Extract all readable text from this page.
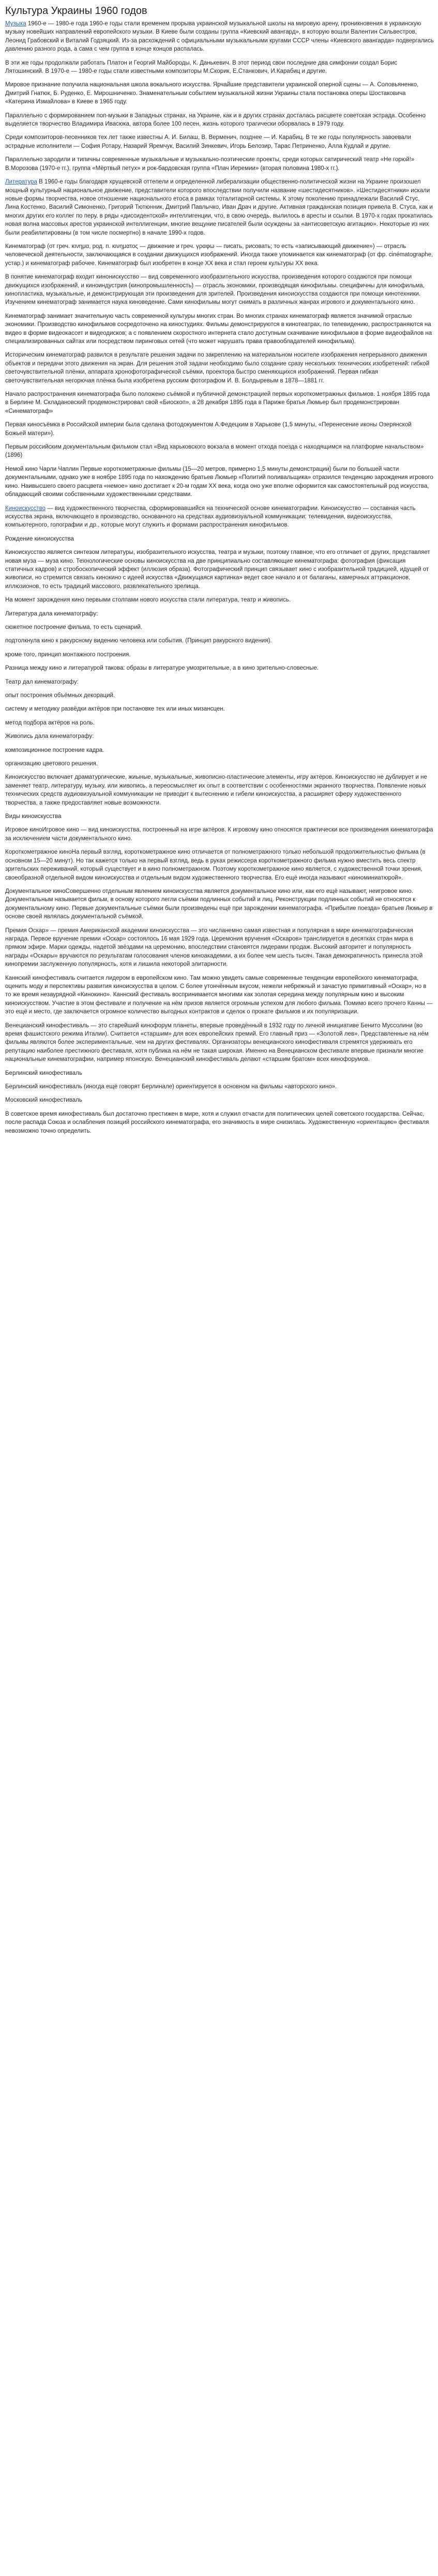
Культура Украины 1960 годов

Музыка 1960-е — 1980-е года 1960-е годы стали временем прорыва украинской музыкальной школы на мировую арену, проникновения в украинскую музыку новейших направлений европейского музыки. В Киеве были созданы группа «Киевский авангард», в которую вошли Валентин Сильвестров, Леонид Грабовский и Виталий Годзяцкий. Из-за расхождений с официальными музыкальными кругами СССР члены «Киевского авангарда» подвергались давлению разного рода, а сама с чем группа в конце концов распалась.

В эти же годы продолжали работать Платон и Георгий Майбороды, К. Данькевич. В этот период свои последние два симфонии создал Борис Лятошинский. В 1970-е — 1980-е годы стали известными композиторы М.Скорик, Е.Станкович, И.Карабиц и другие.

Мировое признание получила национальная школа вокального искусства. Ярчайшие представители украинской оперной сцены — А. Соловьяненко, Дмитрий Гнатюк, Б. Руденко, Е. Мирошниченко. Знаменательным событием музыкальной жизни Украины стала постановка оперы Шостаковича «Катерина Измайлова» в Киеве в 1965 году.

Параллельно с формированием поп-музыки в Западных странах, на Украине, как и в других странах досталась расцвете советская эстрада. Особенно выделяется творчество Владимира Ивасюка, автора более 100 песен, жизнь которого трагически оборвалась в 1979 году.

Среди композиторов-песенников тех лет также известны А. И. Билаш, В. Верменич, позднее — И. Карабиц. В те же годы популярность завоевали эстрадные исполнители — София Ротару, Назарий Яремчук, Василий Зинкевич, Игорь Белозир, Тарас Петриненко, Алла Кудлай и другие.

Параллельно зародили и типичны современные музыкальные и музыкально-поэтические проекты, среди которых сатирический театр «Не горюй!» В.Морозова (1970-е гг.), группа «Мёртвый петух» и рок-бардовская группа «Плач Иеремии» (вторая половина 1980-х гг.).

Литература В 1960-е годы благодаря хрущевской оттепели и определенной либерализации общественно-политической жизни на Украине произошел мощный культурный национальное движение, представители которого впоследствии получили название «шестидесятников». «Шестидесятники» искали новые формы творчества, новое отношение национального етоса в рамках тоталитарной системы. К этому поколению принадлежали Василий Стус, Лина Костенко, Василий Симоненко, Григорий Тютюнник, Дмитрий Павлычко, Иван Драч и другие. Активная гражданская позиция привела В. Стуса, как и многих других его коллег по перу, в ряды «диссидентской» интеллигенции, что, в свою очередь, вылилось в аресты и ссылки. В 1970-х годах прокатилась новая волна массовых арестов украинской интеллигенции, многие вещуние писателей были осуждены за «антисоветскую агитацию». Некоторые из них были реабилитированы (в том числе посмертно) в начале 1990-х годов.

Кинематограф (от греч. κινημα, род. п. κινηματος — движение и греч. γραφω — писать, рисовать; то есть «записывающий движение») — отрасль человеческой деятельности, заключающаяся в создании движущихся изображений. Иногда также упоминается как кинематограф (от фр. cinématographe, устар.) и кинематограф рабочее. Кинематограф был изобретен в конце XX века и стал героем культуры XX века.

В понятие кинематограф входит кинонискусство — вид современного изобразительного искусства, произведения которого создаются при помощи движущихся изображений, и киноиндустрия (кинопромышленность) — отрасль экономики, производящая кинофильмы. специфичны для кинофильма, кинопластика, музыкальные, и демонстрирующая эти произведения для зрителей. Произведения киноискусства создаются при помощи кинотехники. Изучением кинематограф занимается наука киноведение. Сами кинофильмы могут снимать в различных жанрах игрового и документального кино.

Кинематограф занимает значительную часть современной культуры многих стран. Во многих странах кинематограф является значимой отраслью экономики. Производство кинофильмов сосредоточено на киностудиях. Фильмы демонстрируются в кинотеатрах, по телевидению, распространяются на видео в форме видеокассет и видеодисков; а с появлением скоростного интернета стало доступным скачивание кинофильмов в форме видеофайлов на специализированных сайтах или посредством пиринговых сетей (что может нарушать права правообладателей кинофильма).

Историческим кинематограф развился в результате решения задачи по закреплению на материальном носителе изображения непрерывного движения объектов и передачи этого движения на экран. Для решения этой задачи необходимо было создание сразу нескольких технических изобретений: гибкой светочувствительной плёнки, аппарата хронофотографической съёмки, проектора быстро сменяющихся изображений. Первая гибкая светочувствительная негорючая плёнка была изобретена русским фотографом И. В. Болдыревым в 1878—1881 гг.

Начало распространения кинематографа было положено съёмкой и публичной демонстрацией первых короткометражных фильмов. 1 ноября 1895 года в Берлине М. Складановский продемонстрировал свой «Биоскоп», а 28 декабря 1895 года в Париже братья Люмьер был продемонстрирован «Синематограф»

Первая киносъёмка в Российской империи была сделана фотодокументом А.Федецким в Харькове (1,5 минуты, «Перенесение иконы Озерянской Божьей матери»).

Первым российским документальным фильмом стал «Вид харьковского вокзала в момент отхода поезда с находящимся на платформе начальством» (1896)

Немой кино Чарли Чаплин Первые короткометражные фильмы (15—20 метров, примерно 1,5 минуты демонстрации) были по большей части документальными, однако уже в ноябре 1895 года по нахождению братьев Люмьер «Политий поливальщика» отразился тенденцию зарождения игрового кино. Наивысшего своего расцвета «немое» кино достигает к 20-м годам XX века, когда оно уже вполне оформится как самостоятельный род искусства, обладающий своими собственными художественными средствами.

Киноискусство — вид художественного творчества, сформировавшийся на технической основе кинематографии. Киноискусство — составная часть искусства экрана, включающего в производство, основанного на средствах аудиовизуальной коммуникации: телевидения, видеоискусства, компьютерного, голографии и др., которые могут служить и формами распространения кинофильмов.

Рождение киноискусства

Киноискусство является синтезом литературы, изобразительного искусства, театра и музыки, поэтому главное, что его отличает от других, представляет новая муза — муза кино. Технологические основы киноискусства на две принципиально составляющие кинематографа: фотография (фиксация статичных кадров) и стробоскопический эффект (иллюзия образа). Фотографический принцип связывает кино с изобразительной традицией, идущей от живописи, но стремится связать кинокино с идеей искусства «Движущаяся картинка» ведет свое начало и от балаганы, камерчных аттракционов, иллюзионов, то есть традиций массового, развлекательного зрелища.

На момент зарождения кино первыми столпами нового искусства стали литература, театр и живопись.

Литература дала кинематографу:

сюжетное построение фильма, то есть сценарий.

подтолкнула кино к ракурсному видению человека или события. (Принцип ракурсного видения).

кроме того, принцип монтажного построения.

Разница между кино и литературой такова: образы в литературе умозрительные, а в кино зрительно-словесные.

Театр дал кинематографу:

опыт построения объёмных декораций.

систему и методику развёдки актёров при постановке тех или иных мизансцен.

метод подбора актёров на роль.

Живопись дала кинематографу:

композиционное построение кадра.

организацию цветового решения.

Киноискусство включает драматургические, жиыные, музыкальные, живописно-пластические элементы, игру актёров. Киноискусство не дублирует и не заменяет театр, литературу, музыку, или живопись, а переосмысляет их опыт в соответствии с особенностями экранного творчества. Появление новых технических средств аудиовизуальной коммуникации не приводит к вытеснению и гибели киноискусства, а расширяет сферу художественного творчества, а также предоставляет новые возможности.

Виды киноискусства

Игровое киноИгровое кино — вид киноискусства, построенный на игре актёров. К игровому кино относятся практически все произведения кинематографа за исключением части документального кино.

Короткометражное киноНа первый взгляд, короткометражное кино отличается от полнометражного только небольшой продолжительностью фильма (в основном 15—20 минут). Но так кажется только на первый взгляд, ведь в руках режиссера короткометражного фильма нужно вместить весь спектр зрительских переживаний, который существует и в кино полнометражном. Поэтому короткометражное кино является, с художественной точки зрения, своеобразной отдельной видом киноискусства и отдельным видом художественного творчества. Его ещё иногда называют «киноминиатюрой».

Документальное киноСовершенно отдельным явлением киноискусства является документальное кино или, как его ещё называют, неигровое кино. Документальным называется фильм, в основу которого легли съёмки подлинных событий и лиц. Реконструкции подлинных событий не относятся к документальному кино. Первые документальные съёмки были произведены ещё при зарождении кинематографа. «Прибытие поезда» братьев Люмьер в основе своей являлась документальной съёмкой.

Премия Оскар» — премия Американской академии киноискусства — это числанемно самая известная и популярная в мире кинематографическая награда. Первое вручение премии «Оскар» состоялось 16 мая 1929 года. Церемония вручения «Оскаров» транслируется в десятках стран мира в прямом эфире. Марки одежды, надетой звёздами на церемонию, впоследствии становятся лидерами продаж. Высокий авторитет и популярность награды «Оскары» вручаются по результатам голосования членов киноакадемии, а их более чем шесть тысяч. Такая демократичность принесла этой кинопремии заслуженную популярность, хотя и лишила некоторой элитарности.

Каннский кинофестиваль считается лидером в европейском кино. Там можно увидеть самые современные тенденции европейского кинематографа, оценить моду и перспективы развития киноискусства в целом. С более утончённым вкусом, нежели небрежный и зачастую примитивный «Оскар», но в то же время незаурядной «Кинокино». Каннский фестиваль воспринимается многими как золотая середина между популярным кино и высоким киноискусством. Участие в этом фестивале и получение на нём призов является огромным успехом для любого фильма. Помимо всего прочего Канны — это ещё и место, где заключается огромное количество выгодных контрактов и сделок о прокате фильмов и их популяризации.

Венецианский кинофестиваль — это старейший кинофорум планеты, впервые проведённый в 1932 году по личной инициативе Бенито Муссолини (во время фашистского режима Италии). Считается «старшим» для всех европейских премий. Его главный приз — «Золотой лев». Представленные на нём фильмы являются более экспериментальные, чем на других фестивалях. Организаторы венецианского кинофестиваля стремятся удерживать его репутацию наиболее престижного фестиваля, хотя публика на нём не такая широкая. Именно на Венецианском фестивале впервые признали многие национальные кинематографии, например японскую. Венецианский кинофестиваль делают «старшим братом» всех кинофорумов.

Берлинский кинофестиваль

Берлинский кинофестиваль (иногда ещё говорят Берлинале) ориентируется в основном на фильмы «авторского кино».

Московский кинофестиваль

В советское время кинофестиваль был достаточно престижен в мире, хотя и служил отчасти для политических целей советского государства. Сейчас, после распада Союза и ослабления позиций российского кинематографа, его значимость в мире снизилась. Художественную «ориентацию» фестиваля невозможно точно определить.
